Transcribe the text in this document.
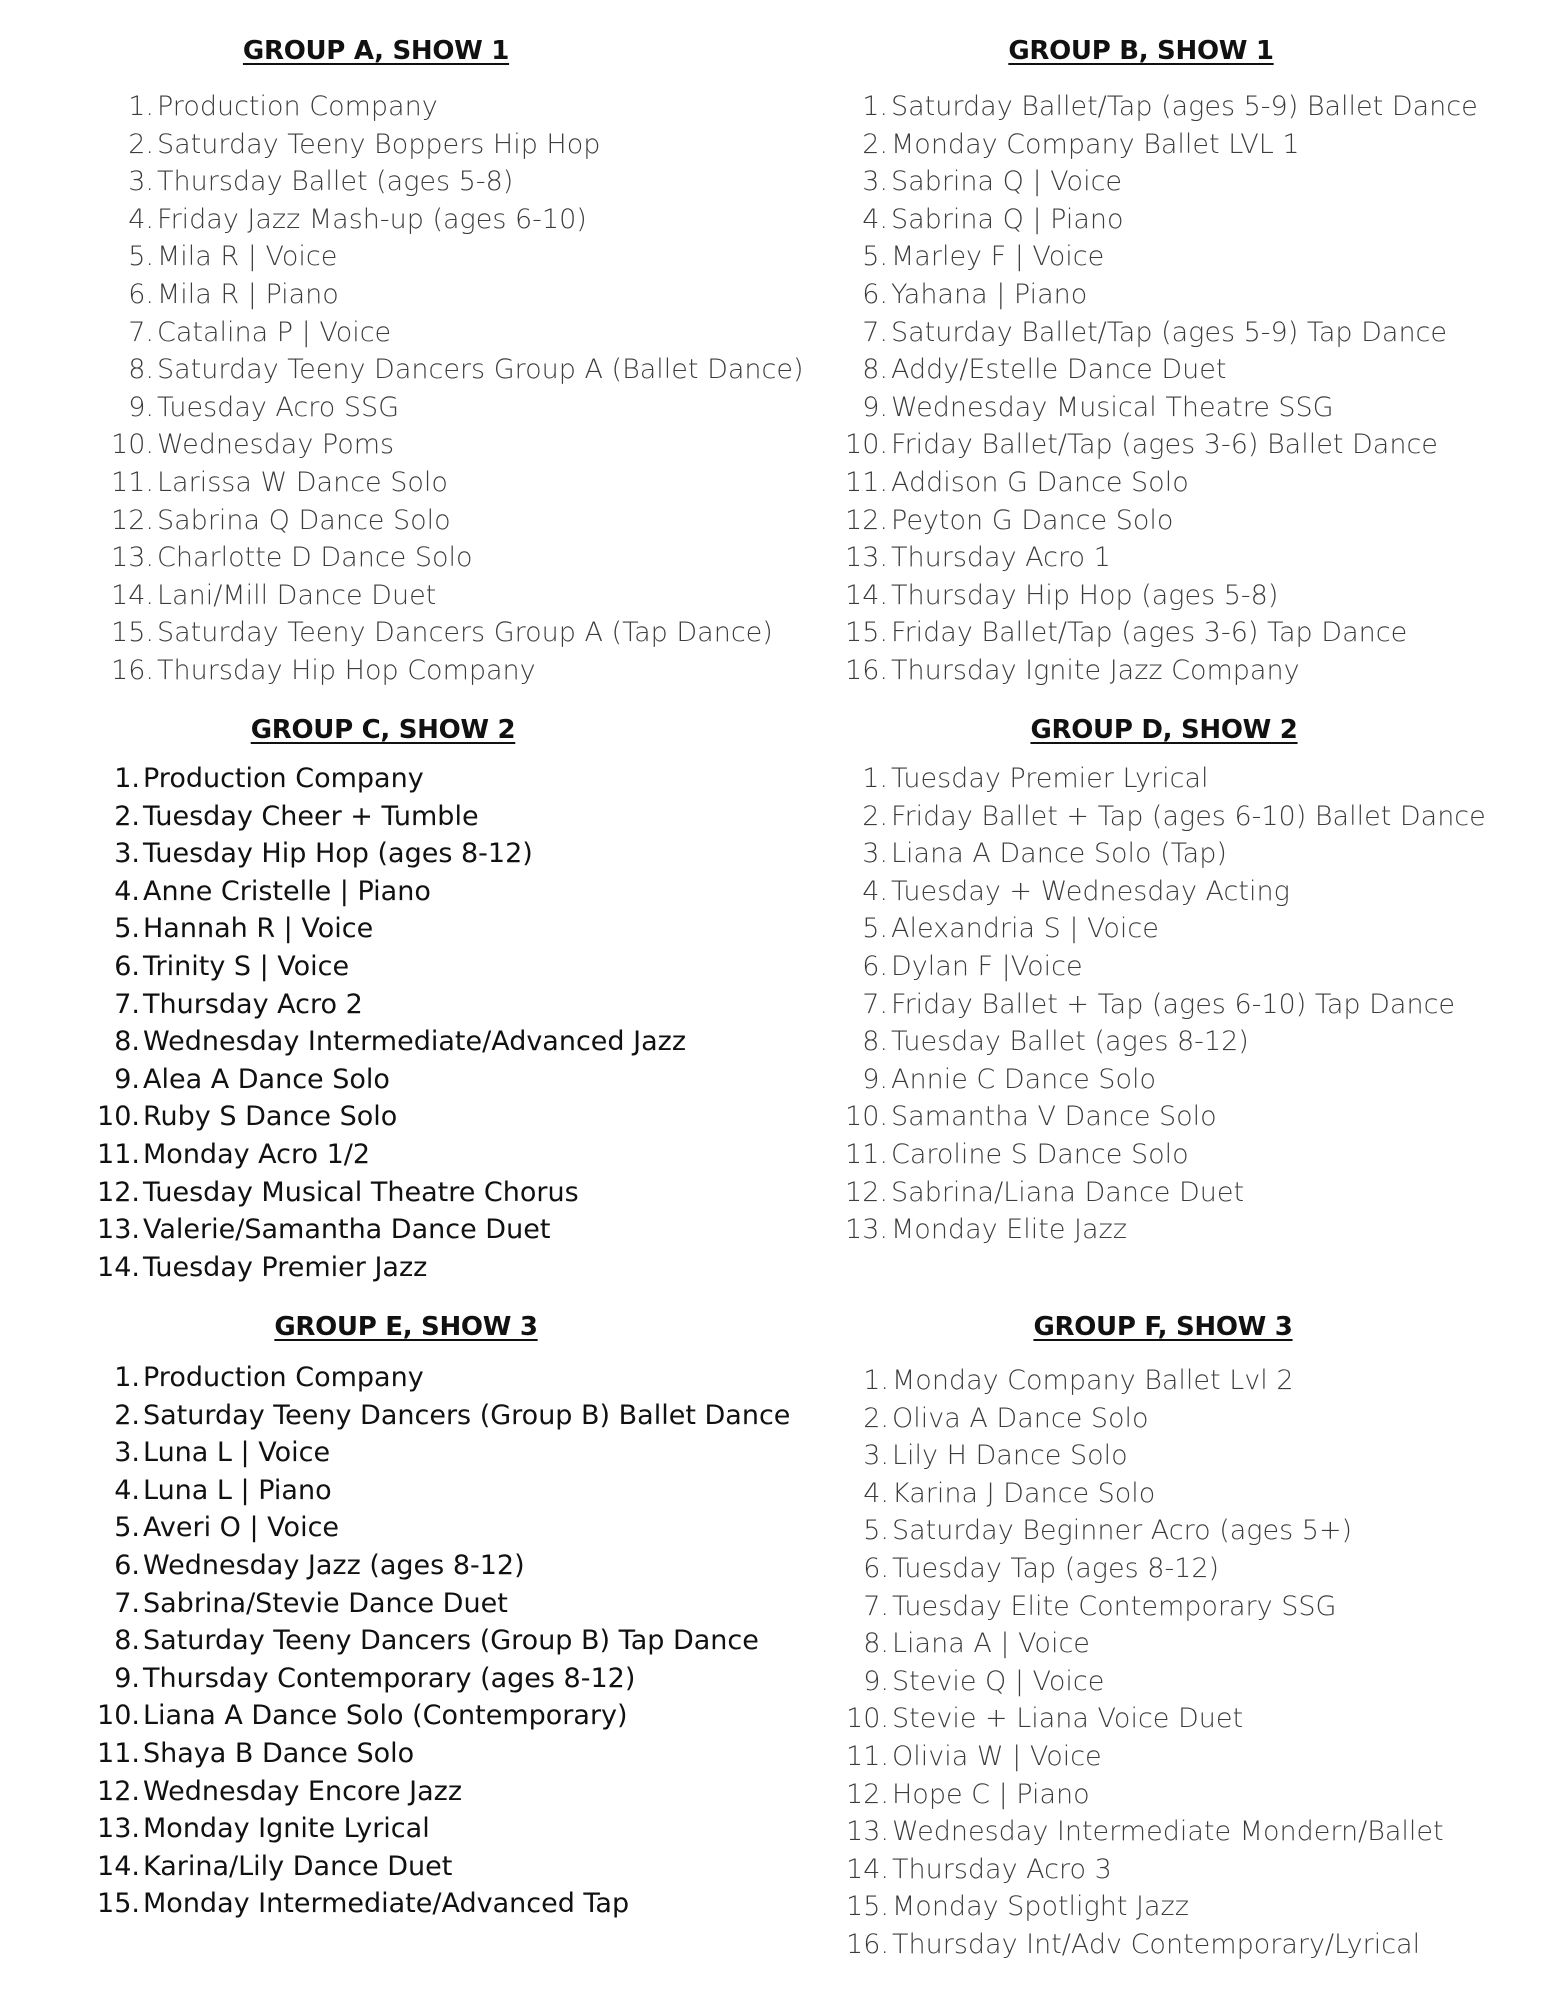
GROUP A, SHOW 1
1. Production Company
2. Saturday Teeny Boppers Hip Hop
3. Thursday Ballet (ages 5-8)
4. Friday Jazz Mash-up (ages 6-10)
5. Mila R | Voice
6. Mila R | Piano
7. Catalina P | Voice
8. Saturday Teeny Dancers Group A (Ballet Dance)
9. Tuesday Acro SSG
10. Wednesday Poms
11. Larissa W Dance Solo
12. Sabrina Q Dance Solo
13. Charlotte D Dance Solo
14. Lani/Mill Dance Duet
15. Saturday Teeny Dancers Group A (Tap Dance)
16. Thursday Hip Hop Company
GROUP B, SHOW 1
1. Saturday Ballet/Tap (ages 5-9) Ballet Dance
2. Monday Company Ballet LVL 1
3. Sabrina Q | Voice
4. Sabrina Q | Piano
5. Marley F | Voice
6. Yahana | Piano
7. Saturday Ballet/Tap (ages 5-9) Tap Dance
8. Addy/Estelle Dance Duet
9. Wednesday Musical Theatre SSG
10. Friday Ballet/Tap (ages 3-6) Ballet Dance
11. Addison G Dance Solo
12. Peyton G Dance Solo
13. Thursday Acro 1
14. Thursday Hip Hop (ages 5-8)
15. Friday Ballet/Tap (ages 3-6) Tap Dance
16. Thursday Ignite Jazz Company
GROUP C, SHOW 2
1. Production Company
2. Tuesday Cheer + Tumble
3. Tuesday Hip Hop (ages 8-12)
4. Anne Cristelle | Piano
5. Hannah R | Voice
6. Trinity S | Voice
7. Thursday Acro 2
8. Wednesday Intermediate/Advanced Jazz
9. Alea A Dance Solo
10. Ruby S Dance Solo
11. Monday Acro 1/2
12. Tuesday Musical Theatre Chorus
13. Valerie/Samantha Dance Duet
14. Tuesday Premier Jazz
GROUP D, SHOW 2
1. Tuesday Premier Lyrical
2. Friday Ballet + Tap (ages 6-10) Ballet Dance
3. Liana A Dance Solo (Tap)
4. Tuesday + Wednesday Acting
5. Alexandria S | Voice
6. Dylan F |Voice
7. Friday Ballet + Tap (ages 6-10) Tap Dance
8. Tuesday Ballet (ages 8-12)
9. Annie C Dance Solo
10. Samantha V Dance Solo
11. Caroline S Dance Solo
12. Sabrina/Liana Dance Duet
13. Monday Elite Jazz
GROUP E, SHOW 3
1. Production Company
2. Saturday Teeny Dancers (Group B) Ballet Dance
3. Luna L | Voice
4. Luna L | Piano
5. Averi O | Voice
6. Wednesday Jazz (ages 8-12)
7. Sabrina/Stevie Dance Duet
8. Saturday Teeny Dancers (Group B) Tap Dance
9. Thursday Contemporary (ages 8-12)
10. Liana A Dance Solo (Contemporary)
11. Shaya B Dance Solo
12. Wednesday Encore Jazz
13. Monday Ignite Lyrical
14. Karina/Lily Dance Duet
15. Monday Intermediate/Advanced Tap
GROUP F, SHOW 3
1. Monday Company Ballet Lvl 2
2. Oliva A Dance Solo
3. Lily H Dance Solo
4. Karina J Dance Solo
5. Saturday Beginner Acro (ages 5+)
6. Tuesday Tap (ages 8-12)
7. Tuesday Elite Contemporary SSG
8. Liana A | Voice
9. Stevie Q | Voice
10. Stevie + Liana Voice Duet
11. Olivia W | Voice
12. Hope C | Piano
13. Wednesday Intermediate Mondern/Ballet
14. Thursday Acro 3
15. Monday Spotlight Jazz
16. Thursday Int/Adv Contemporary/Lyrical
